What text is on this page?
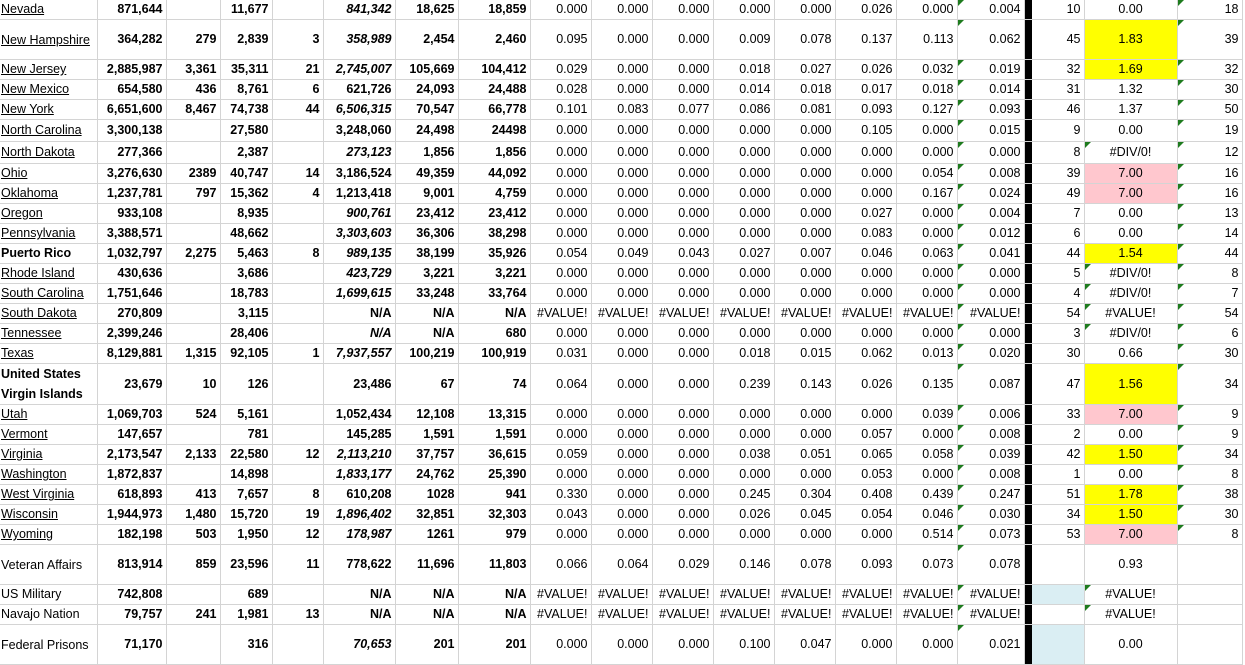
Nevada	871,644		11,677		841,342	18,625	18,859	0.000	0.000	0.000	0.000	0.000	0.026	0.000	0.004		10	0.00	18

New Hampshire	364,282	279	2,839	3	358,989	2,454	2,460	0.095	0.000	0.000	0.009	0.078	0.137	0.113	0.062		45	1.83	39

New Jersey	2,885,987	3,361	35,311	21	2,745,007	105,669	104,412	0.029	0.000	0.000	0.018	0.027	0.026	0.032	0.019		32	1.69	32

New Mexico	654,580	436	8,761	6	621,726	24,093	24,488	0.028	0.000	0.000	0.014	0.018	0.017	0.018	0.014		31	1.32	30

New York	6,651,600	8,467	74,738	44	6,506,315	70,547	66,778	0.101	0.083	0.077	0.086	0.081	0.093	0.127	0.093		46	1.37	50

North Carolina	3,300,138		27,580		3,248,060	24,498	24498	0.000	0.000	0.000	0.000	0.000	0.105	0.000	0.015		9	0.00	19

North Dakota	277,366		2,387		273,123	1,856	1,856	0.000	0.000	0.000	0.000	0.000	0.000	0.000	0.000		8	#DIV/0!	12

Ohio	3,276,630	2389	40,747	14	3,186,524	49,359	44,092	0.000	0.000	0.000	0.000	0.000	0.000	0.054	0.008		39	7.00	16

Oklahoma	1,237,781	797	15,362	4	1,213,418	9,001	4,759	0.000	0.000	0.000	0.000	0.000	0.000	0.167	0.024		49	7.00	16

Oregon	933,108		8,935		900,761	23,412	23,412	0.000	0.000	0.000	0.000	0.000	0.027	0.000	0.004		7	0.00	13

Pennsylvania	3,388,571		48,662		3,303,603	36,306	38,298	0.000	0.000	0.000	0.000	0.000	0.083	0.000	0.012		6	0.00	14

Puerto Rico	1,032,797	2,275	5,463	8	989,135	38,199	35,926	0.054	0.049	0.043	0.027	0.007	0.046	0.063	0.041		44	1.54	44

Rhode Island	430,636		3,686		423,729	3,221	3,221	0.000	0.000	0.000	0.000	0.000	0.000	0.000	0.000		5	#DIV/0!	8

South Carolina	1,751,646		18,783		1,699,615	33,248	33,764	0.000	0.000	0.000	0.000	0.000	0.000	0.000	0.000		4	#DIV/0!	7

South Dakota	270,809		3,115		N/A	N/A	N/A	#VALUE!	#VALUE!	#VALUE!	#VALUE!	#VALUE!	#VALUE!	#VALUE!	#VALUE!		54	#VALUE!	54

Tennessee	2,399,246		28,406		N/A	N/A	680	0.000	0.000	0.000	0.000	0.000	0.000	0.000	0.000		3	#DIV/0!	6

Texas	8,129,881	1,315	92,105	1	7,937,557	100,219	100,919	0.031	0.000	0.000	0.018	0.015	0.062	0.013	0.020		30	0.66	30

United States Virgin Islands	23,679	10	126		23,486	67	74	0.064	0.000	0.000	0.239	0.143	0.026	0.135	0.087		47	1.56	34

Utah	1,069,703	524	5,161		1,052,434	12,108	13,315	0.000	0.000	0.000	0.000	0.000	0.000	0.039	0.006		33	7.00	9

Vermont	147,657		781		145,285	1,591	1,591	0.000	0.000	0.000	0.000	0.000	0.057	0.000	0.008		2	0.00	9

Virginia	2,173,547	2,133	22,580	12	2,113,210	37,757	36,615	0.059	0.000	0.000	0.038	0.051	0.065	0.058	0.039		42	1.50	34

Washington	1,872,837		14,898		1,833,177	24,762	25,390	0.000	0.000	0.000	0.000	0.000	0.053	0.000	0.008		1	0.00	8

West Virginia	618,893	413	7,657	8	610,208	1028	941	0.330	0.000	0.000	0.245	0.304	0.408	0.439	0.247		51	1.78	38

Wisconsin	1,944,973	1,480	15,720	19	1,896,402	32,851	32,303	0.043	0.000	0.000	0.026	0.045	0.054	0.046	0.030		34	1.50	30

Wyoming	182,198	503	1,950	12	178,987	1261	979	0.000	0.000	0.000	0.000	0.000	0.000	0.514	0.073		53	7.00	8

Veteran Affairs	813,914	859	23,596	11	778,622	11,696	11,803	0.066	0.064	0.029	0.146	0.078	0.093	0.073	0.078			0.93	
US Military	742,808		689		N/A	N/A	N/A	#VALUE!	#VALUE!	#VALUE!	#VALUE!	#VALUE!	#VALUE!	#VALUE!	#VALUE!			#VALUE!

Navajo Nation	79,757	241	1,981	13	N/A	N/A	N/A	#VALUE!	#VALUE!	#VALUE!	#VALUE!	#VALUE!	#VALUE!	#VALUE!	#VALUE!			#VALUE!

Federal Prisons	71,170		316		70,653	201	201	0.000	0.000	0.000	0.100	0.047	0.000	0.000	0.021			0.00	
